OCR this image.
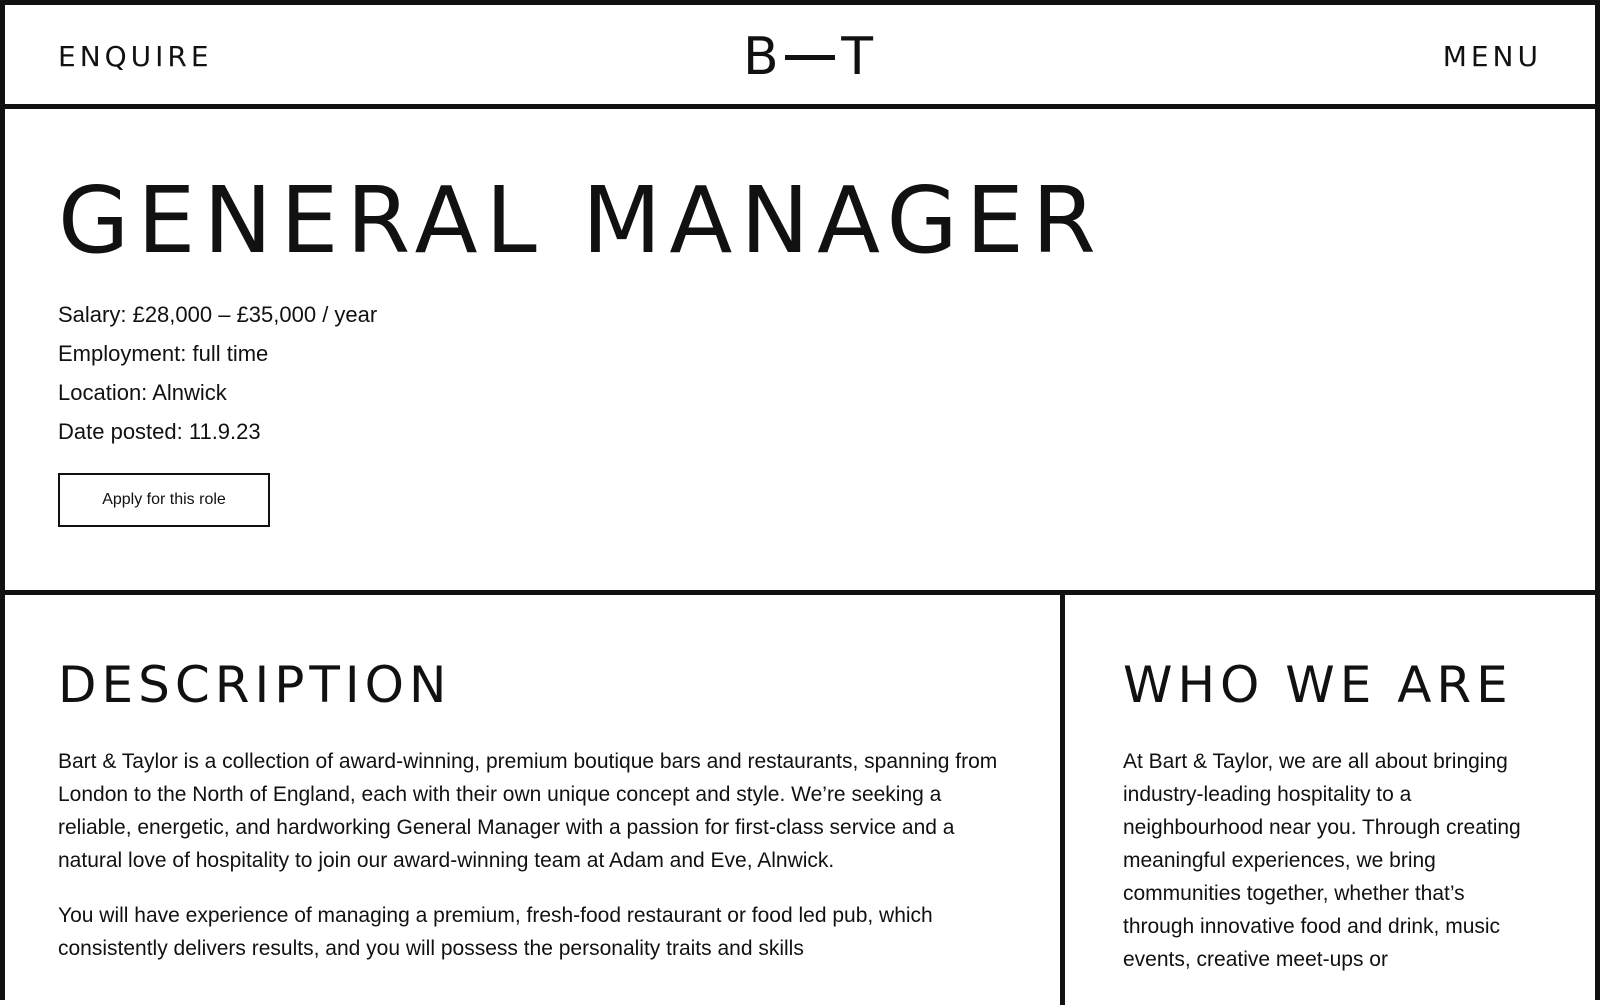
ENQUIRE	B T	MENU
GENERAL MANAGER
Salary: £28,000 – £35,000 / year
Employment: full time
Location: Alnwick
Date posted: 11.9.23
Apply for this role
DESCRIPTION

Bart & Taylor is a collection of award-winning, premium boutique bars and restaurants, spanning from London to the North of England, each with their own unique concept and style. We’re seeking a reliable, energetic, and hardworking General Manager with a passion for first-class service and a natural love of hospitality to join our award-winning team at Adam and Eve, Alnwick.

You will have experience of managing a premium, fresh-food restaurant or food led pub, which consistently delivers results, and you will possess the personality traits and skills

WHO WE ARE

At Bart & Taylor, we are all about bringing industry-leading hospitality to a neighbourhood near you. Through creating meaningful experiences, we bring communities together, whether that’s through innovative food and drink, music events, creative meet-ups or
